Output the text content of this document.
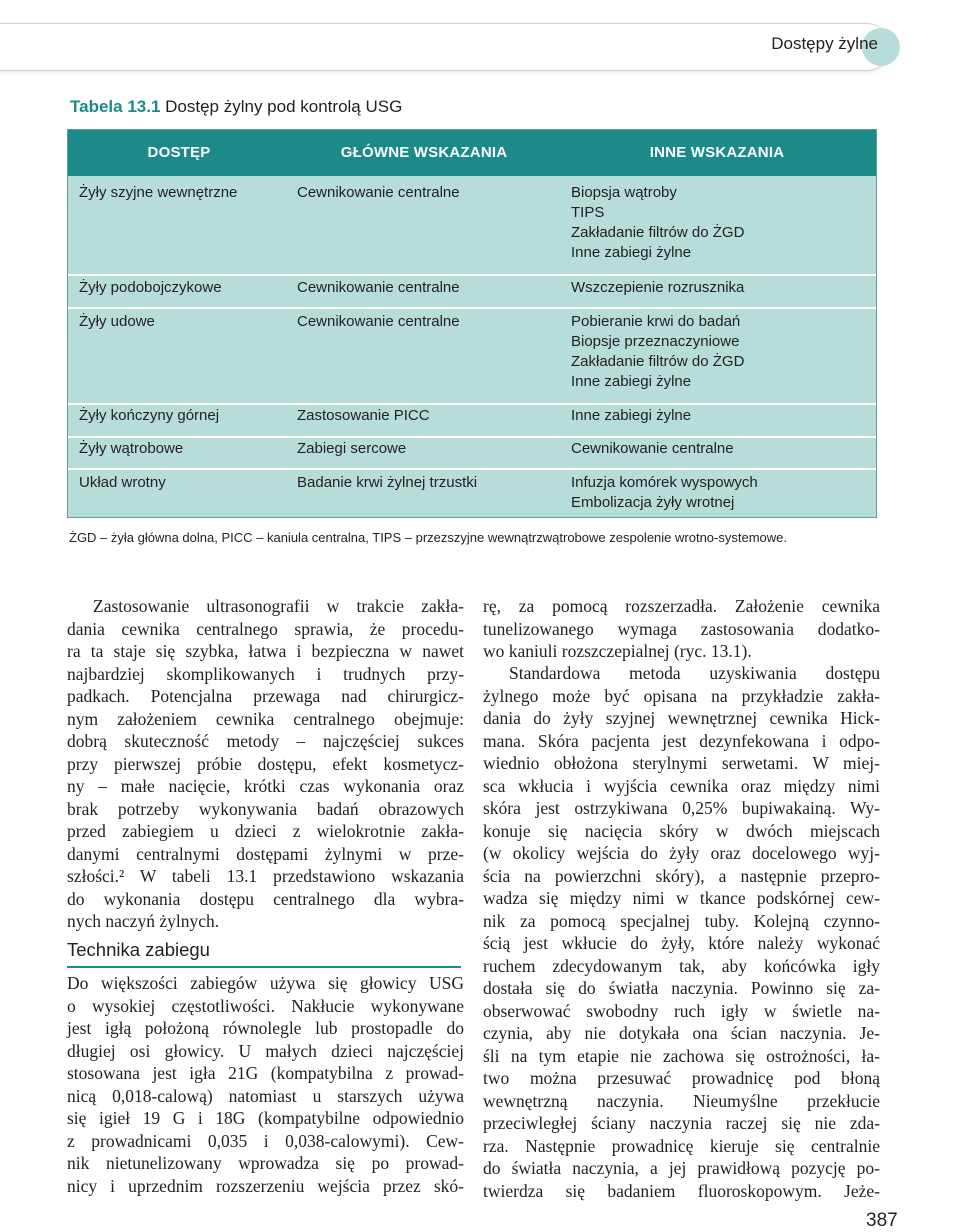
Dostępy żylne
Tabela 13.1 Dostęp żylny pod kontrolą USG
DOSTĘP	GŁÓWNE WSKAZANIA	INNE WSKAZANIA
Żyły szyjne wewnętrzne	Cewnikowanie centralne	Biopsja wątroby
TIPS
Zakładanie filtrów do ŻGD
Inne zabiegi żylne
Żyły podobojczykowe	Cewnikowanie centralne	Wszczepienie rozrusznika
Żyły udowe	Cewnikowanie centralne	Pobieranie krwi do badań
Biopsje przeznaczyniowe
Zakładanie filtrów do ŻGD
Inne zabiegi żylne
Żyły kończyny górnej	Zastosowanie PICC	Inne zabiegi żylne
Żyły wątrobowe	Zabiegi sercowe	Cewnikowanie centralne
Układ wrotny	Badanie krwi żylnej trzustki	Infuzja komórek wyspowych
Embolizacja żyły wrotnej
ŻGD – żyła główna dolna, PICC – kaniula centralna, TIPS – przezszyjne wewnątrzwątrobowe zespolenie wrotno-systemowe.
Zastosowanie ultrasonografii w trakcie zakła-
dania cewnika centralnego sprawia, że procedu-
ra ta staje się szybka, łatwa i bezpieczna w nawet
najbardziej skomplikowanych i trudnych przy-
padkach. Potencjalna przewaga nad chirurgicz-
nym założeniem cewnika centralnego obejmuje:
dobrą skuteczność metody – najczęściej sukces
przy pierwszej próbie dostępu, efekt kosmetycz-
ny – małe nacięcie, krótki czas wykonania oraz
brak potrzeby wykonywania badań obrazowych
przed zabiegiem u dzieci z wielokrotnie zakła-
danymi centralnymi dostępami żylnymi w prze-
szłości.² W tabeli 13.1 przedstawiono wskazania
do wykonania dostępu centralnego dla wybra-
nych naczyń żylnych.
Technika zabiegu
Do większości zabiegów używa się głowicy USG
o wysokiej częstotliwości. Nakłucie wykonywane
jest igłą położoną równolegle lub prostopadle do
długiej osi głowicy. U małych dzieci najczęściej
stosowana jest igła 21G (kompatybilna z prowad-
nicą 0,018-calową) natomiast u starszych używa
się igieł 19 G i 18G (kompatybilne odpowiednio
z prowadnicami 0,035 i 0,038-calowymi). Cew-
nik nietunelizowany wprowadza się po prowad-
nicy i uprzednim rozszerzeniu wejścia przez skó-
rę, za pomocą rozszerzadła. Założenie cewnika
tunelizowanego wymaga zastosowania dodatko-
wo kaniuli rozszczepialnej (ryc. 13.1).
Standardowa metoda uzyskiwania dostępu
żylnego może być opisana na przykładzie zakła-
dania do żyły szyjnej wewnętrznej cewnika Hick-
mana. Skóra pacjenta jest dezynfekowana i odpo-
wiednio obłożona sterylnymi serwetami. W miej-
sca wkłucia i wyjścia cewnika oraz między nimi
skóra jest ostrzykiwana 0,25% bupiwakainą. Wy-
konuje się nacięcia skóry w dwóch miejscach
(w okolicy wejścia do żyły oraz docelowego wyj-
ścia na powierzchni skóry), a następnie przepro-
wadza się między nimi w tkance podskórnej cew-
nik za pomocą specjalnej tuby. Kolejną czynno-
ścią jest wkłucie do żyły, które należy wykonać
ruchem zdecydowanym tak, aby końcówka igły
dostała się do światła naczynia. Powinno się za-
obserwować swobodny ruch igły w świetle na-
czynia, aby nie dotykała ona ścian naczynia. Je-
śli na tym etapie nie zachowa się ostrożności, ła-
two można przesuwać prowadnicę pod błoną
wewnętrzną naczynia. Nieumyślne przekłucie
przeciwległej ściany naczynia raczej się nie zda-
rza. Następnie prowadnicę kieruje się centralnie
do światła naczynia, a jej prawidłową pozycję po-
twierdza się badaniem fluoroskopowym. Jeże-
387
